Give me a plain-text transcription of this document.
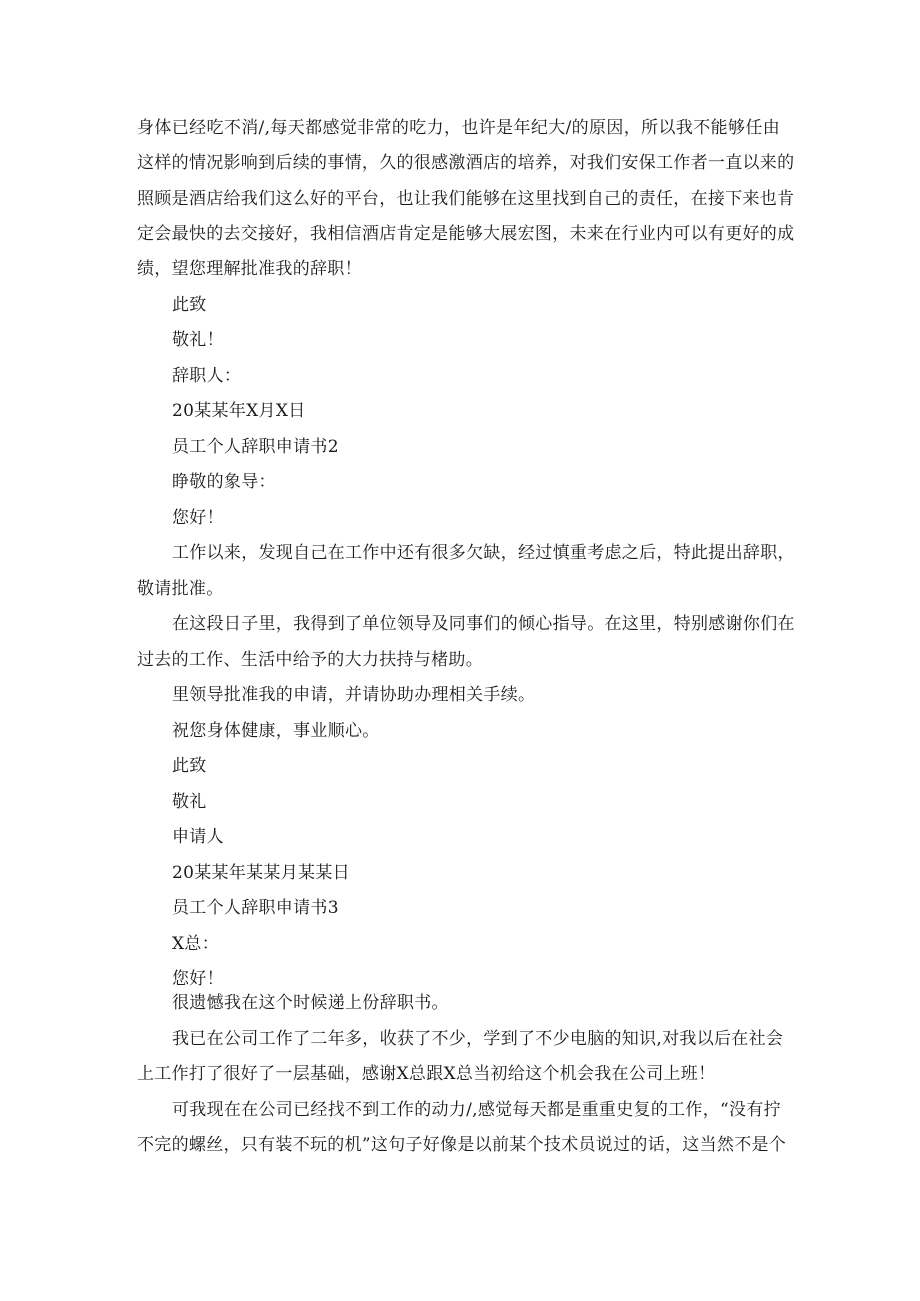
身体已经吃不消/,每天都感觉非常的吃力，也许是年纪大/的原因，所以我不能够任由
这样的情况影响到后续的事情，久的很感激酒店的培养，对我们安保工作者一直以来的
照顾是酒店给我们这么好的平台，也让我们能够在这里找到自己的责任，在接下来也肯
定会最快的去交接好，我相信酒店肯定是能够大展宏图，未来在行业内可以有更好的成
绩，望您理解批准我的辞职！
此致
敬礼！
辞职人：
20某某年X月X日
员工个人辞职申请书2
睁敬的象导：
您好！
工作以来，发现自己在工作中还有很多欠缺，经过慎重考虑之后，特此提出辞职，
敬请批准。
在这段日子里，我得到了单位领导及同事们的倾心指导。在这里，特别感谢你们在
过去的工作、生活中给予的大力扶持与楮助。
里领导批准我的申请，并请协助办理相关手续。
祝您身体健康，事业顺心。
此致
敬礼
申请人
20某某年某某月某某日
员工个人辞职申请书3
X总：
您好！
很遗憾我在这个时候递上份辞职书。
我已在公司工作了二年多，收获了不少，学到了不少电脑的知识,对我以后在社会
上工作打了很好了一层基础，感谢X总跟X总当初给这个机会我在公司上班！
可我现在在公司已经找不到工作的动力/,感觉每天都是重重史复的工作，“没有拧
不完的螺丝，只有装不玩的机”这句子好像是以前某个技术员说过的话，这当然不是个
